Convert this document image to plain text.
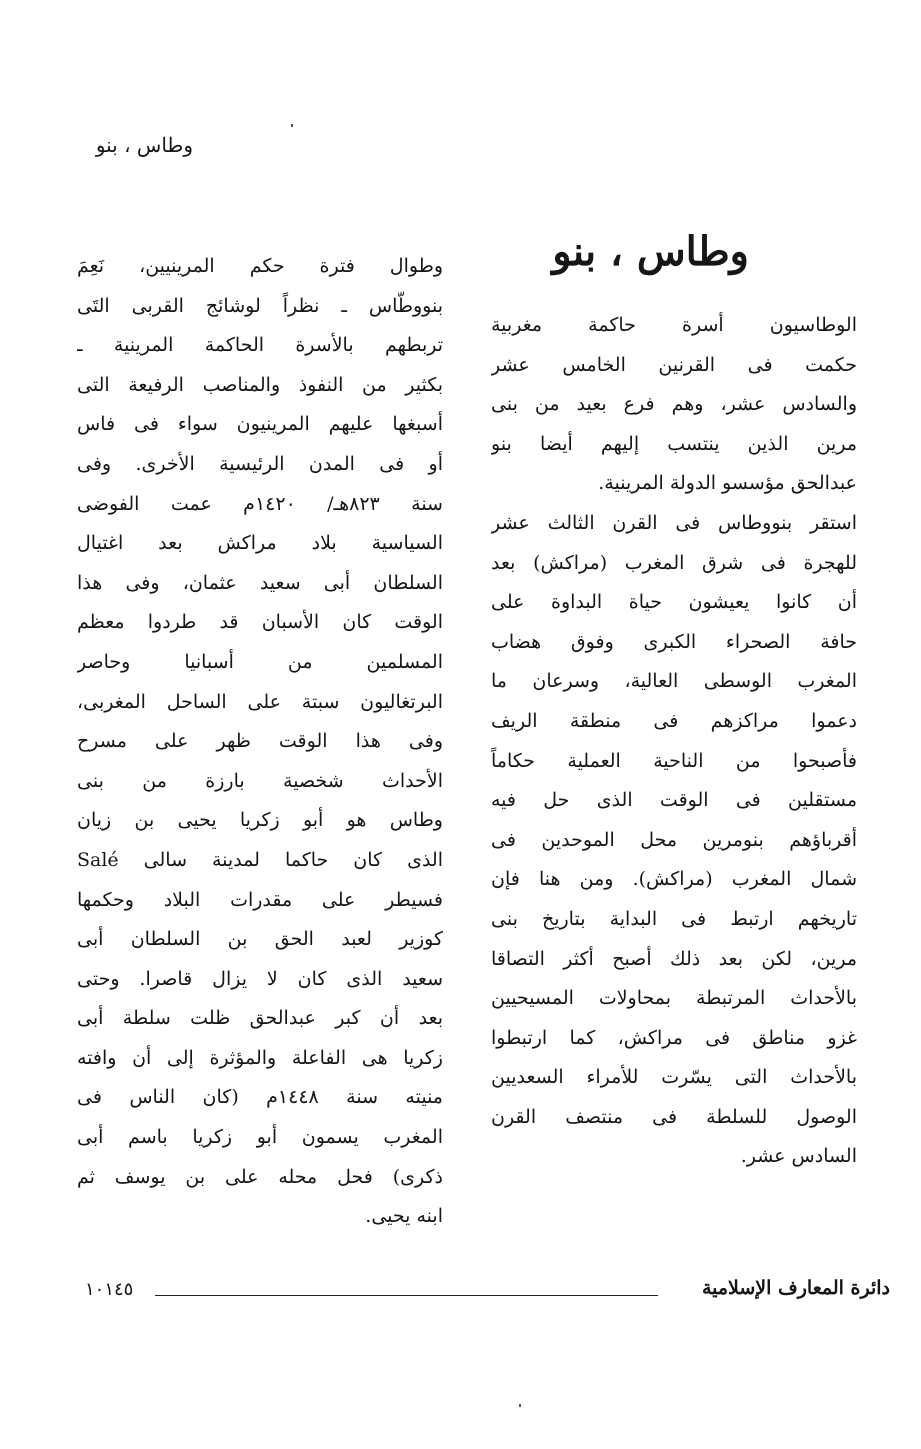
وطاس ، بنو
وطاس ، بنو
الوطاسيون أسرة حاكمة مغربية
حكمت فى القرنين الخامس عشر
والسادس عشر، وهم فرع بعيد من بنى
مرين الذين ينتسب إليهم أيضا بنو
عبدالحق مؤسسو الدولة المرينية.
استقر بنووطاس فى القرن الثالث عشر
للهجرة فى شرق المغرب (مراكش) بعد
أن كانوا يعيشون حياة البداوة على
حافة الصحراء الكبرى وفوق هضاب
المغرب الوسطى العالية، وسرعان ما
دعموا مراكزهم فى منطقة الريف
فأصبحوا من الناحية العملية حكاماً
مستقلين فى الوقت الذى حل فيه
أقرباؤهم بنومرين محل الموحدين فى
شمال المغرب (مراكش). ومن هنا فإن
تاريخهم ارتبط فى البداية بتاريخ بنى
مرين، لكن بعد ذلك أصبح أكثر التصاقا
بالأحداث المرتبطة بمحاولات المسيحيين
غزو مناطق فى مراكش، كما ارتبطوا
بالأحداث التى يسّرت للأمراء السعديين
الوصول للسلطة فى منتصف القرن
السادس عشر.
وطوال فترة حكم المرينيين، نَعِمَ
بنووطّاس ـ نظراً لوشائج القربى التَى
تربطهم بالأسرة الحاكمة المرينية ـ
بكثير من النفوذ والمناصب الرفيعة التى
أسبغها عليهم المرينيون سواء فى فاس
أو فى المدن الرئيسية الأخرى. وفى
سنة ٨٢٣هـ/ ١٤٢٠م عمت الفوضى
السياسية بلاد مراكش بعد اغتيال
السلطان أبى سعيد عثمان، وفى هذا
الوقت كان الأسبان قد طردوا معظم
المسلمين من أسبانيا وحاصر
البرتغاليون سبتة على الساحل المغربى،
وفى هذا الوقت ظهر على مسرح
الأحداث شخصية بارزة من بنى
وطاس هو أبو زكريا يحيى بن زيان
الذى كان حاكما لمدينة سالى Salé
فسيطر على مقدرات البلاد وحكمها
كوزير لعبد الحق بن السلطان أبى
سعيد الذى كان لا يزال قاصرا. وحتى
بعد أن كبر عبدالحق ظلت سلطة أبى
زكريا هى الفاعلة والمؤثرة إلى أن وافته
منيته سنة ١٤٤٨م (كان الناس فى
المغرب يسمون أبو زكريا باسم أبى
ذكرى) فحل محله على بن يوسف ثم
ابنه يحيى.
دائرة المعارف الإسلامية
١٠١٤٥
